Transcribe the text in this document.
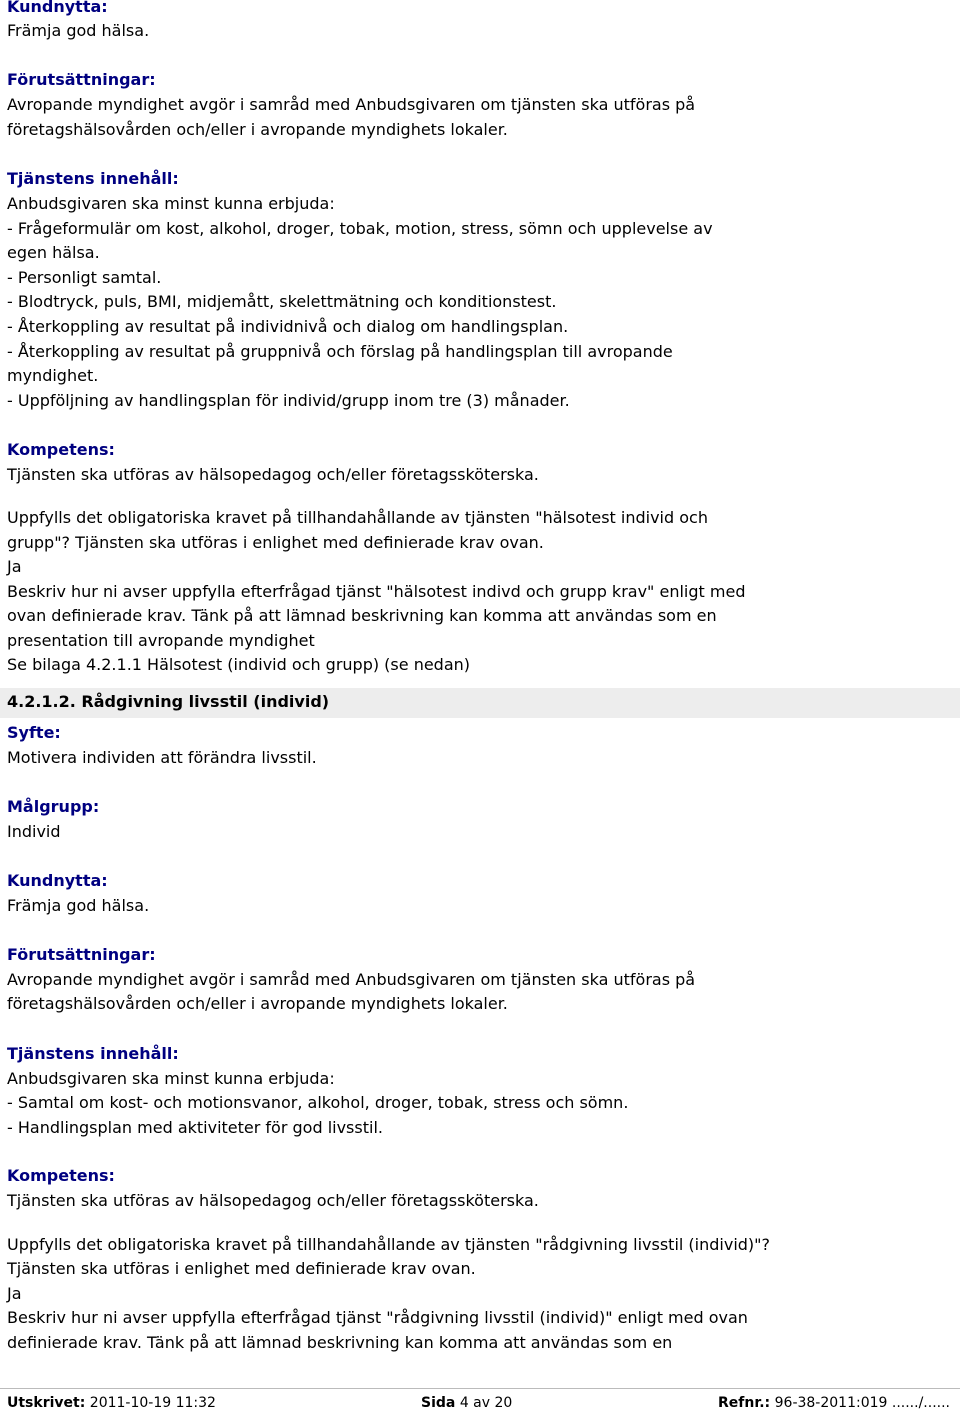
Kundnytta:
Främja god hälsa.
Förutsättningar:
Avropande myndighet avgör i samråd med Anbudsgivaren om tjänsten ska utföras på
företagshälsovården och/eller i avropande myndighets lokaler.
Tjänstens innehåll:
Anbudsgivaren ska minst kunna erbjuda:
- Frågeformulär om kost, alkohol, droger, tobak, motion, stress, sömn och upplevelse av
egen hälsa.
- Personligt samtal.
- Blodtryck, puls, BMI, midjemått, skelettmätning och konditionstest.
- Återkoppling av resultat på individnivå och dialog om handlingsplan.
- Återkoppling av resultat på gruppnivå och förslag på handlingsplan till avropande
myndighet.
- Uppföljning av handlingsplan för individ/grupp inom tre (3) månader.
Kompetens:
Tjänsten ska utföras av hälsopedagog och/eller företagssköterska.
Uppfylls det obligatoriska kravet på tillhandahållande av tjänsten "hälsotest individ och
grupp"? Tjänsten ska utföras i enlighet med definierade krav ovan.
Ja
Beskriv hur ni avser uppfylla efterfrågad tjänst "hälsotest indivd och grupp krav" enligt med
ovan definierade krav. Tänk på att lämnad beskrivning kan komma att användas som en
presentation till avropande myndighet
Se bilaga 4.2.1.1 Hälsotest (individ och grupp) (se nedan)
4.2.1.2. Rådgivning livsstil (individ)
Syfte:
Motivera individen att förändra livsstil.
Målgrupp:
Individ
Kundnytta:
Främja god hälsa.
Förutsättningar:
Avropande myndighet avgör i samråd med Anbudsgivaren om tjänsten ska utföras på
företagshälsovården och/eller i avropande myndighets lokaler.
Tjänstens innehåll:
Anbudsgivaren ska minst kunna erbjuda:
- Samtal om kost- och motionsvanor, alkohol, droger, tobak, stress och sömn.
- Handlingsplan med aktiviteter för god livsstil.
Kompetens:
Tjänsten ska utföras av hälsopedagog och/eller företagssköterska.
Uppfylls det obligatoriska kravet på tillhandahållande av tjänsten "rådgivning livsstil (individ)"?
Tjänsten ska utföras i enlighet med definierade krav ovan.
Ja
Beskriv hur ni avser uppfylla efterfrågad tjänst "rådgivning livsstil (individ)" enligt med ovan
definierade krav. Tänk på att lämnad beskrivning kan komma att användas som en
Utskrivet: 2011-10-19 11:32	Sida 4 av 20	Refnr.: 96-38-2011:019 ....../......
